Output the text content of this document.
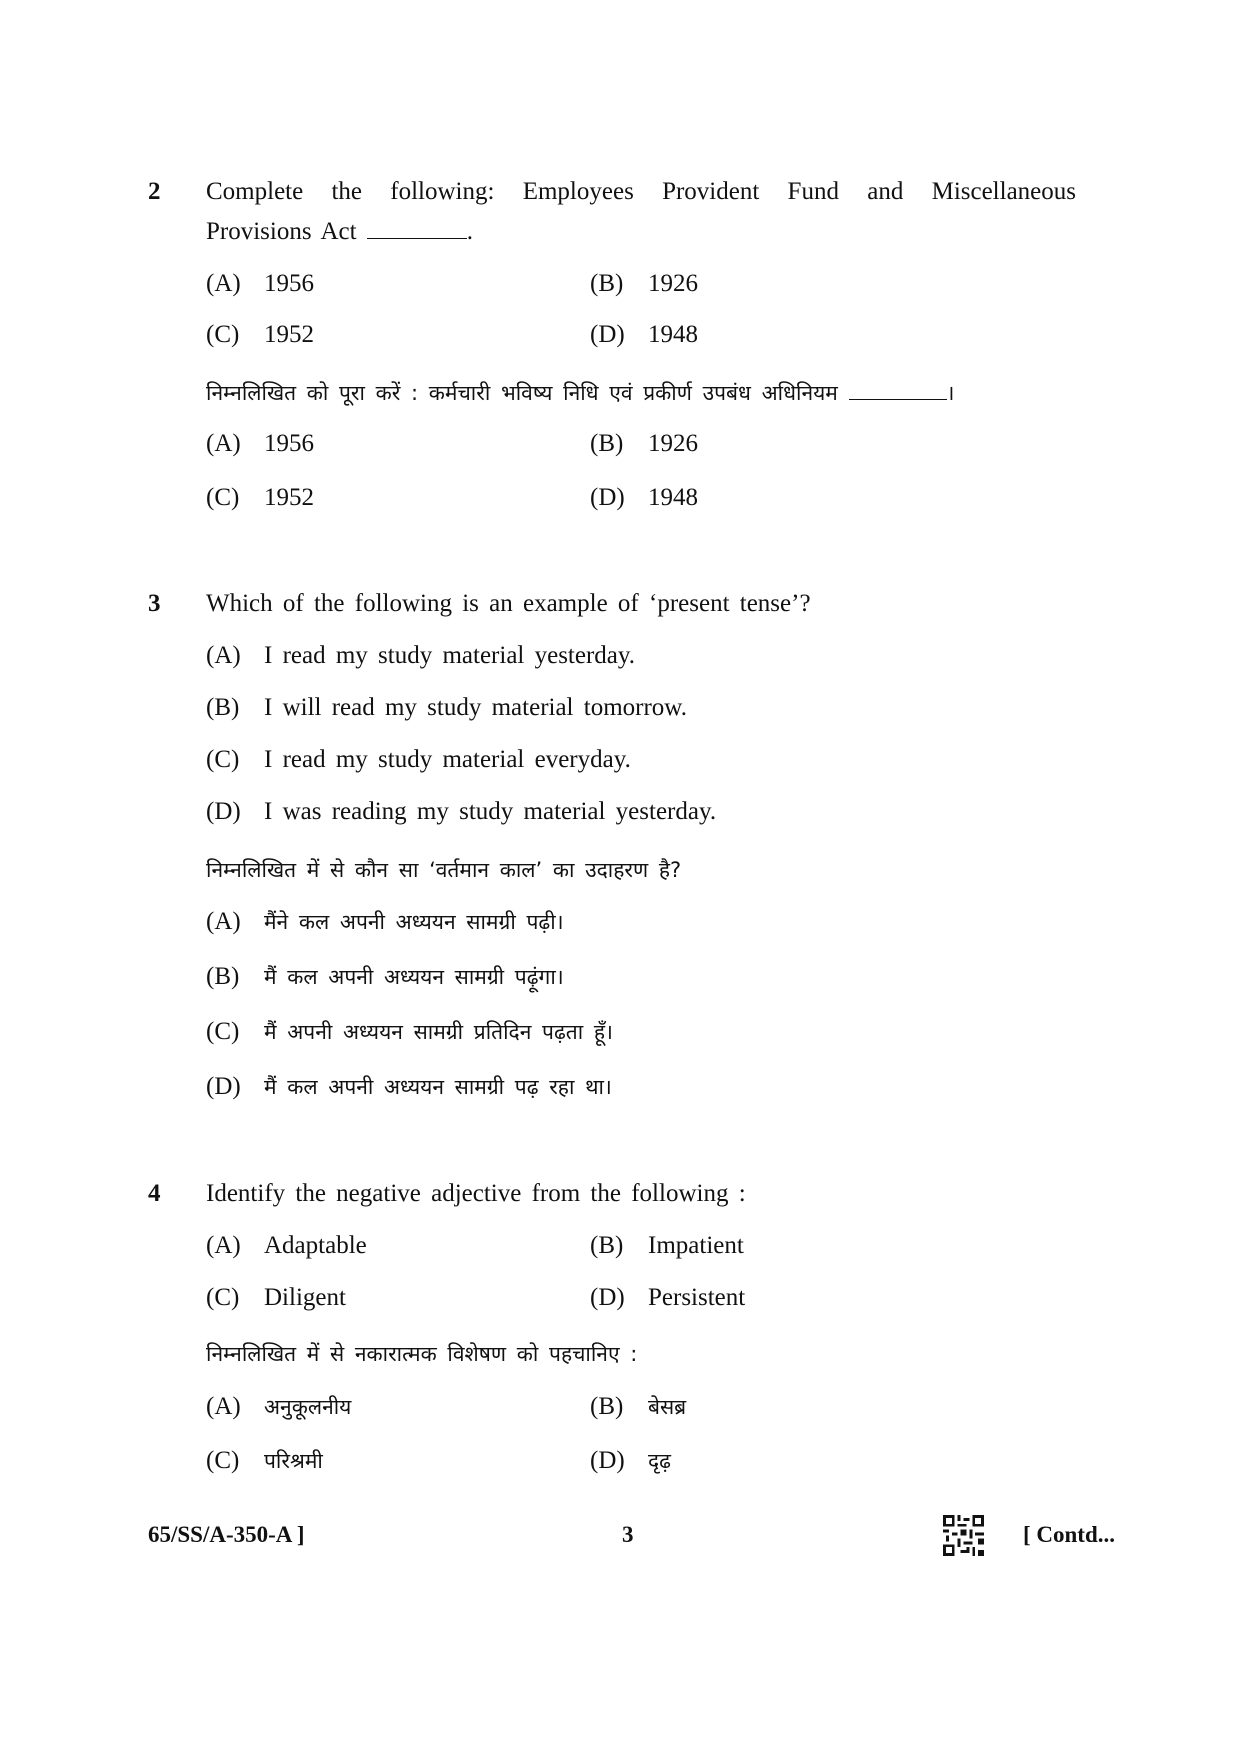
2 Complete the following: Employees Provident Fund and Miscellaneous
Provisions Act	.
(A) 1956	(B) 1926
(C) 1952	(D) 1948
निम्नलिखित को पूरा करें : कर्मचारी भविष्य निधि एवं प्रकीर्ण उपबंध अधिनियम	।
(A) 1956	(B) 1926
(C) 1952	(D) 1948
3 Which of the following is an example of ‘present tense’?
(A) I read my study material yesterday.
(B) I will read my study material tomorrow.
(C) I read my study material everyday.
(D) I was reading my study material yesterday.
निम्नलिखित में से कौन सा ‘वर्तमान काल’ का उदाहरण है?
(A) मैंने कल अपनी अध्ययन सामग्री पढ़ी।
(B) मैं कल अपनी अध्ययन सामग्री पढ़ूंगा।
(C) मैं अपनी अध्ययन सामग्री प्रतिदिन पढ़ता हूँ।
(D) मैं कल अपनी अध्ययन सामग्री पढ़ रहा था।
4 Identify the negative adjective from the following :
(A) Adaptable	(B) Impatient
(C) Diligent	(D) Persistent
निम्नलिखित में से नकारात्मक विशेषण को पहचानिए :
(A) अनुकूलनीय	(B) बेसब्र
(C) परिश्रमी	(D) दृढ़
65/SS/A-350-A ]	3	[ Contd...
